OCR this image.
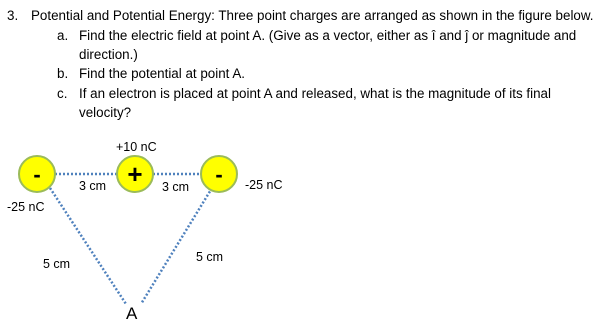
3. Potential and Potential Energy: Three point charges are arranged as shown in the figure below.
a. Find the electric field at point A. (Give as a vector, either as î and ĵ or magnitude and
direction.)
b. Find the potential at point A.
c. If an electron is placed at point A and released, what is the magnitude of its final
velocity?
-	+	-
+10 nC
-25 nC
-25 nC
3 cm	3 cm
5 cm	5 cm
A
